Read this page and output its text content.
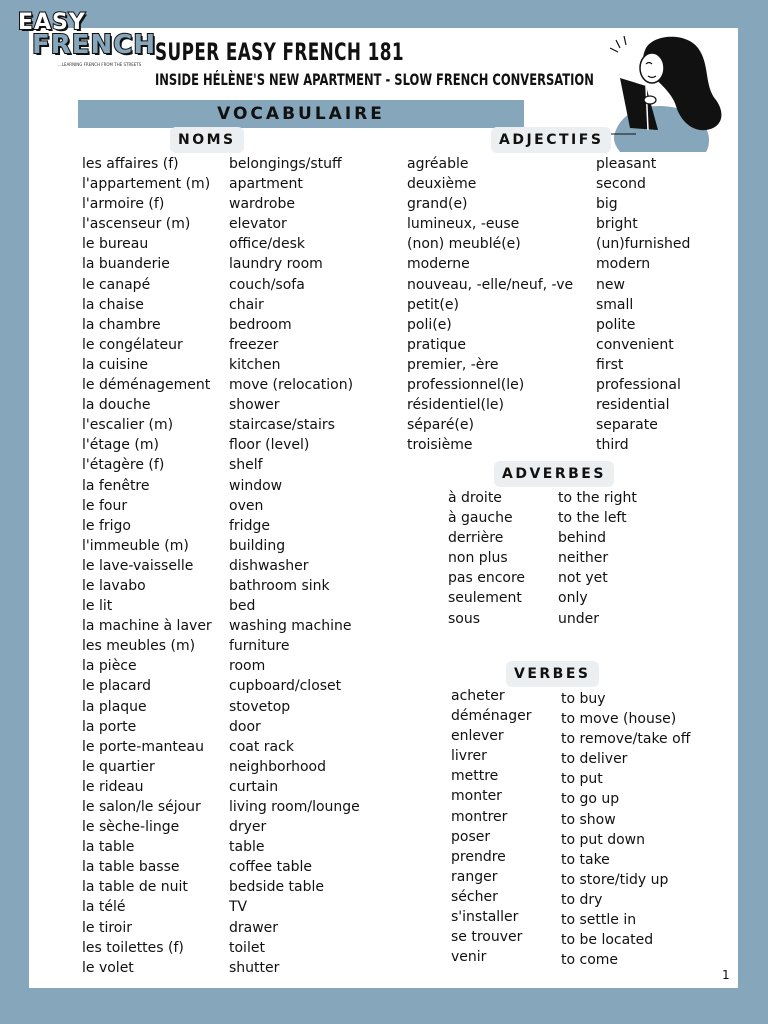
EASY
FRENCH
...LEARNING FRENCH FROM THE STREETS SUPER EASY FRENCH 181
INSIDE HÉLÈNE'S NEW APARTMENT - SLOW FRENCH CONVERSATION
VOCABULAIRE
NOMS	ADJECTIFS
ADVERBES
VERBES
les affaires (f)
l'appartement (m)
l'armoire (f)
l'ascenseur (m)
le bureau
la buanderie
le canapé
la chaise
la chambre
le congélateur
la cuisine
le déménagement
la douche
l'escalier (m)
l'étage (m)
l'étagère (f)
la fenêtre
le four
le frigo
l'immeuble (m)
le lave-vaisselle
le lavabo
le lit
la machine à laver
les meubles (m)
la pièce
le placard
la plaque
la porte
le porte-manteau
le quartier
le rideau
le salon/le séjour
le sèche-linge
la table
la table basse
la table de nuit
la télé
le tiroir
les toilettes (f)
le volet
belongings/stuff
apartment
wardrobe
elevator
office/desk
laundry room
couch/sofa
chair
bedroom
freezer
kitchen
move (relocation)
shower
staircase/stairs
floor (level)
shelf
window
oven
fridge
building
dishwasher
bathroom sink
bed
washing machine
furniture
room
cupboard/closet
stovetop
door
coat rack
neighborhood
curtain
living room/lounge
dryer
table
coffee table
bedside table
TV
drawer
toilet
shutter
agréable
deuxième
grand(e)
lumineux, -euse
(non) meublé(e)
moderne
nouveau, -elle/neuf, -ve
petit(e)
poli(e)
pratique
premier, -ère
professionnel(le)
résidentiel(le)
séparé(e)
troisième
pleasant
second
big
bright
(un)furnished
modern
new
small
polite
convenient
first
professional
residential
separate
third
à droite
à gauche
derrière
non plus
pas encore
seulement
sous
to the right
to the left
behind
neither
not yet
only
under
acheter
déménager
enlever
livrer
mettre
monter
montrer
poser
prendre
ranger
sécher
s'installer
se trouver
venir
to buy
to move (house)
to remove/take off
to deliver
to put
to go up
to show
to put down
to take
to store/tidy up
to dry
to settle in
to be located
to come
1
